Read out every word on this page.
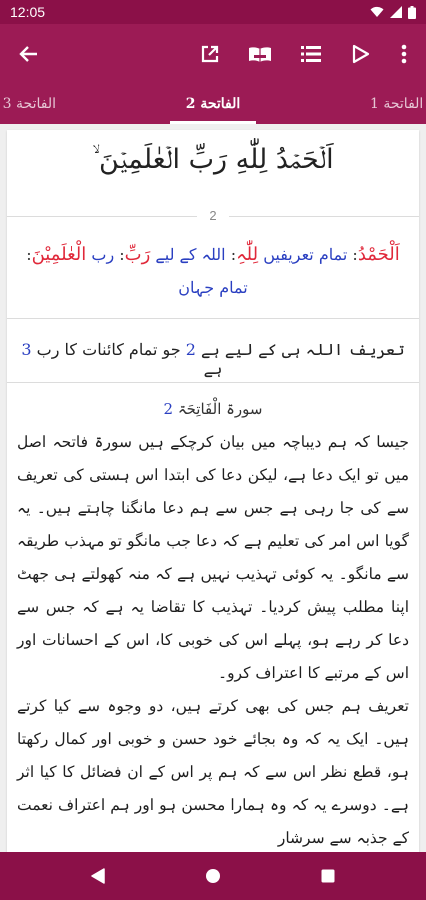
12:05
الفاتحة 3	الفاتحة 2	الفاتحة 1
اَلۡحَمۡدُ لِلّٰهِ رَبِّ الۡعٰلَمِيۡنَ ۙ
2
اَلْحَمْدُ: تمام تعریفیں لِلّٰہِ: اللہ کے لیے رَبِّ: رب الْعٰلَمِیْنَ: تمام جہان
تعریف اللہ ہی کے لیے ہے 2 جو تمام کائنات کا رب 3 ہے
سورۃ الْفَاتِحَۃ 2

جیسا کہ ہم دیباچہ میں بیان کرچکے ہیں سورۃ فاتحہ اصل میں تو ایک دعا ہے، لیکن دعا کی ابتدا اس ہستی کی تعریف سے کی جا رہی ہے جس سے ہم دعا مانگنا چاہتے ہیں۔ یہ گویا اس امر کی تعلیم ہے کہ دعا جب مانگو تو مہذب طریقہ سے مانگو۔ یہ کوئی تہذیب نہیں ہے کہ منہ کھولتے ہی جھٹ اپنا مطلب پیش کردیا۔ تہذیب کا تقاضا یہ ہے کہ جس سے دعا کر رہے ہو، پہلے اس کی خوبی کا، اس کے احسانات اور اس کے مرتبے کا اعتراف کرو۔

تعریف ہم جس کی بھی کرتے ہیں، دو وجوہ سے کیا کرتے ہیں۔ ایک یہ کہ وہ بجائے خود حسن و خوبی اور کمال رکھتا ہو، قطع نظر اس سے کہ ہم پر اس کے ان فضائل کا کیا اثر ہے۔ دوسرے یہ کہ وہ ہمارا محسن ہو اور ہم اعتراف نعمت کے جذبہ سے سرشار
